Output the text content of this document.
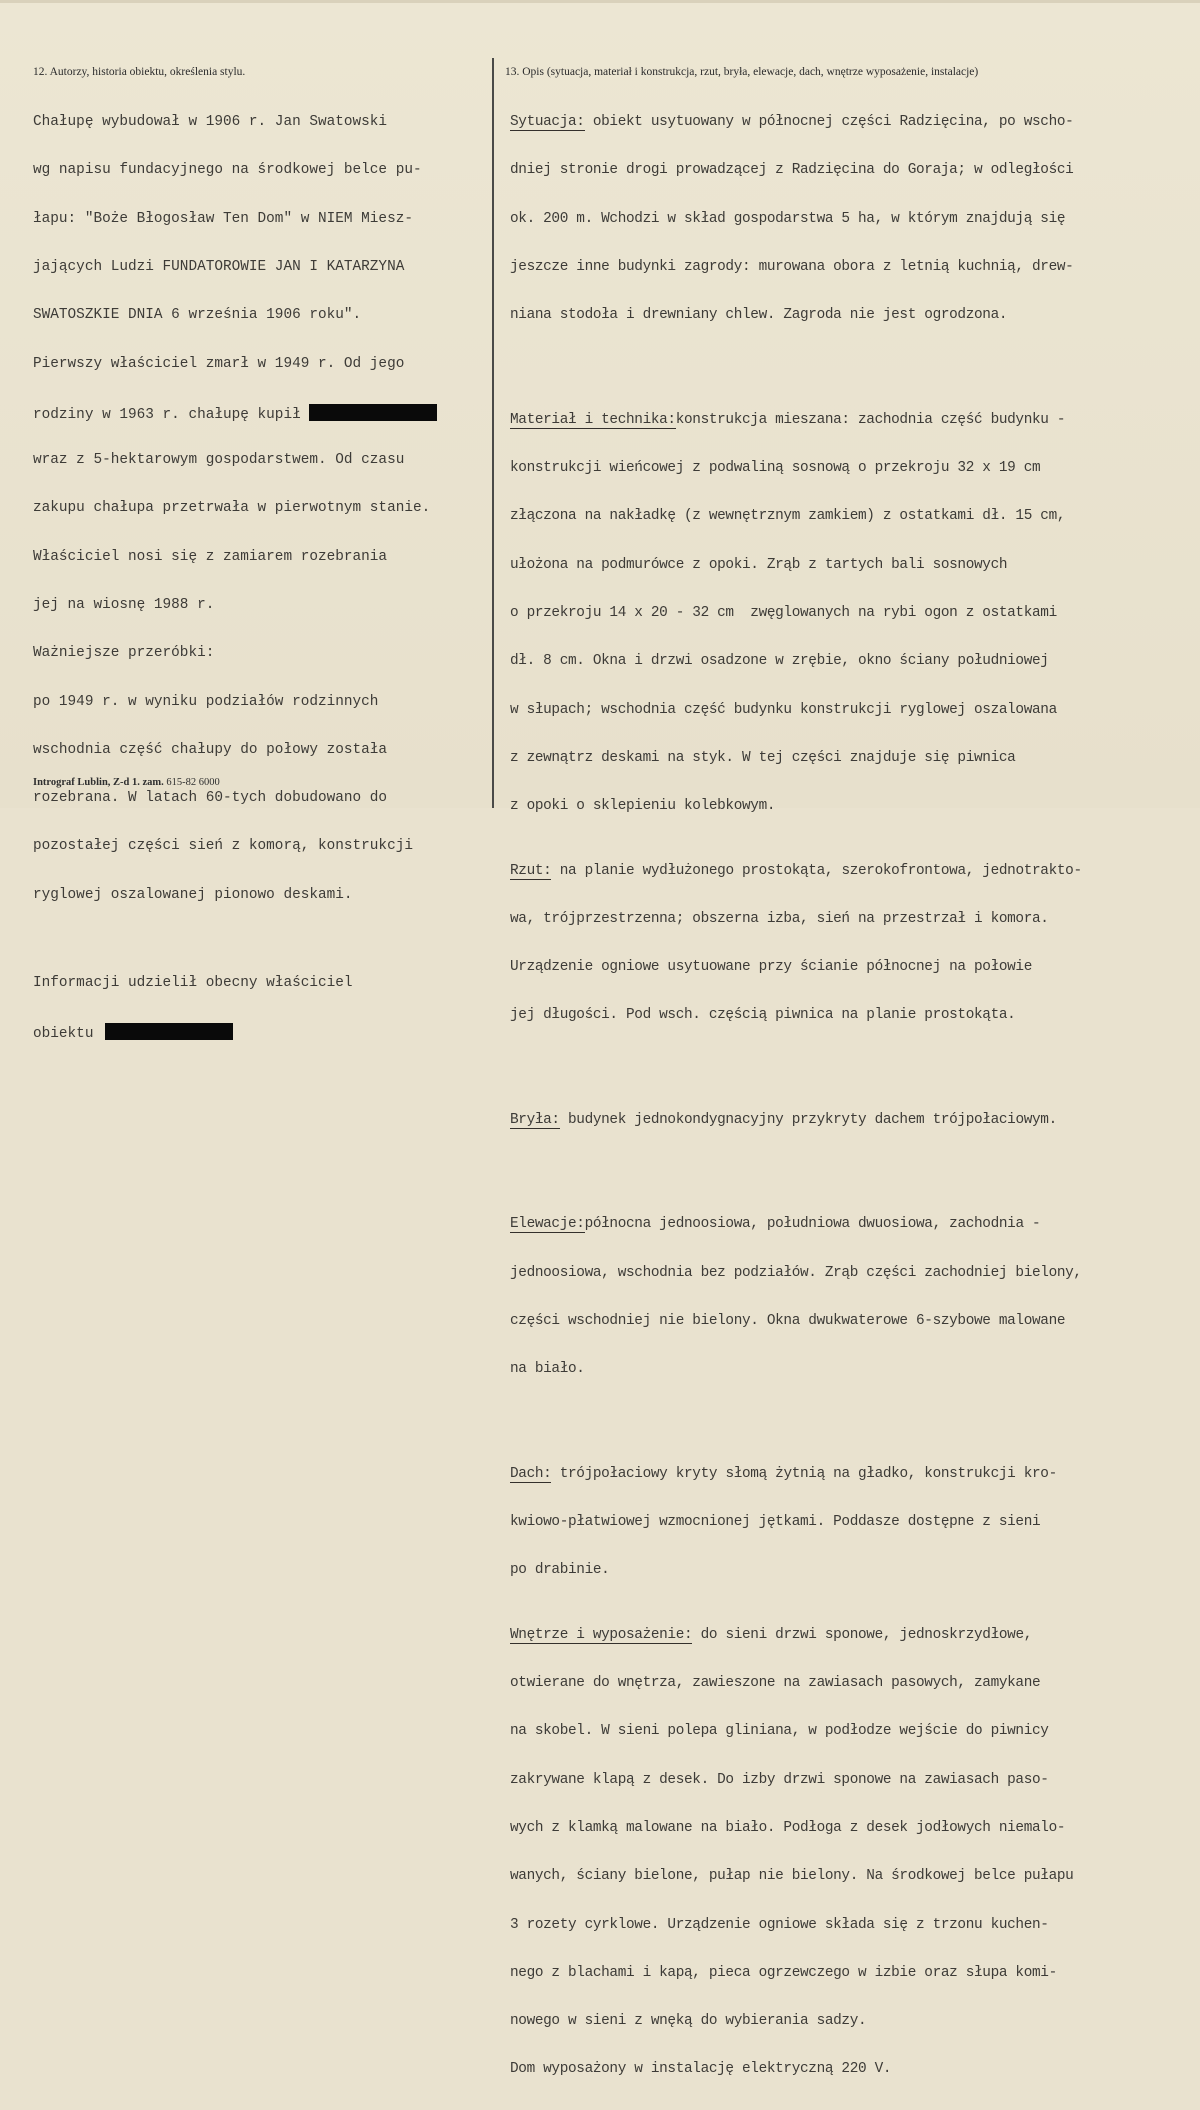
12. Autorzy, historia obiektu, określenia stylu.	13. Opis (sytuacja, materiał i konstrukcja, rzut, bryła, elewacje, dach, wnętrze wyposażenie, instalacje)

Chałupę wybudował w 1906 r. Jan Swatowski

wg napisu fundacyjnego na środkowej belce pu-

łapu: "Boże Błogosław Ten Dom" w NIEM Miesz-

jających Ludzi FUNDATOROWIE JAN I KATARZYNA

SWATOSZKIE DNIA 6 września 1906 roku".

Pierwszy właściciel zmarł w 1949 r. Od jego

rodziny w 1963 r. chałupę kupił

wraz z 5-hektarowym gospodarstwem. Od czasu

zakupu chałupa przetrwała w pierwotnym stanie.

Właściciel nosi się z zamiarem rozebrania

jej na wiosnę 1988 r.

Ważniejsze przeróbki:

po 1949 r. w wyniku podziałów rodzinnych

wschodnia część chałupy do połowy została

rozebrana. W latach 60-tych dobudowano do

pozostałej części sień z komorą, konstrukcji

ryglowej oszalowanej pionowo deskami.

Informacji udzielił obecny właściciel

obiektu

Sytuacja: obiekt usytuowany w północnej części Radzięcina, po wscho-

dniej stronie drogi prowadzącej z Radzięcina do Goraja; w odległości

ok. 200 m. Wchodzi w skład gospodarstwa 5 ha, w którym znajdują się

jeszcze inne budynki zagrody: murowana obora z letnią kuchnią, drew-

niana stodoła i drewniany chlew. Zagroda nie jest ogrodzona.

Materiał i technika:konstrukcja mieszana: zachodnia część budynku -

konstrukcji wieńcowej z podwaliną sosnową o przekroju 32 x 19 cm

złączona na nakładkę (z wewnętrznym zamkiem) z ostatkami dł. 15 cm,

ułożona na podmurówce z opoki. Zrąb z tartych bali sosnowych

o przekroju 14 x 20 - 32 cm  zwęglowanych na rybi ogon z ostatkami

dł. 8 cm. Okna i drzwi osadzone w zrębie, okno ściany południowej

w słupach; wschodnia część budynku konstrukcji ryglowej oszalowana

z zewnątrz deskami na styk. W tej części znajduje się piwnica

z opoki o sklepieniu kolebkowym.

Rzut: na planie wydłużonego prostokąta, szerokofrontowa, jednotrakto-

wa, trójprzestrzenna; obszerna izba, sień na przestrzał i komora.

Urządzenie ogniowe usytuowane przy ścianie północnej na połowie

jej długości. Pod wsch. częścią piwnica na planie prostokąta.

Bryła: budynek jednokondygnacyjny przykryty dachem trójpołaciowym.

Elewacje:północna jednoosiowa, południowa dwuosiowa, zachodnia -

jednoosiowa, wschodnia bez podziałów. Zrąb części zachodniej bielony,

części wschodniej nie bielony. Okna dwukwaterowe 6-szybowe malowane

na biało.

Dach: trójpołaciowy kryty słomą żytnią na gładko, konstrukcji kro-

kwiowo-płatwiowej wzmocnionej jętkami. Poddasze dostępne z sieni

po drabinie.

Wnętrze i wyposażenie: do sieni drzwi sponowe, jednoskrzydłowe,

otwierane do wnętrza, zawieszone na zawiasach pasowych, zamykane

na skobel. W sieni polepa gliniana, w podłodze wejście do piwnicy

zakrywane klapą z desek. Do izby drzwi sponowe na zawiasach paso-

wych z klamką malowane na biało. Podłoga z desek jodłowych niemalo-

wanych, ściany bielone, pułap nie bielony. Na środkowej belce pułapu

3 rozety cyrklowe. Urządzenie ogniowe składa się z trzonu kuchen-

nego z blachami i kapą, pieca ogrzewczego w izbie oraz słupa komi-

nowego w sieni z wnęką do wybierania sadzy.

Dom wyposażony w instalację elektryczną 220 V.

Intrograf Lublin, Z-d 1. zam. 615-82 6000
